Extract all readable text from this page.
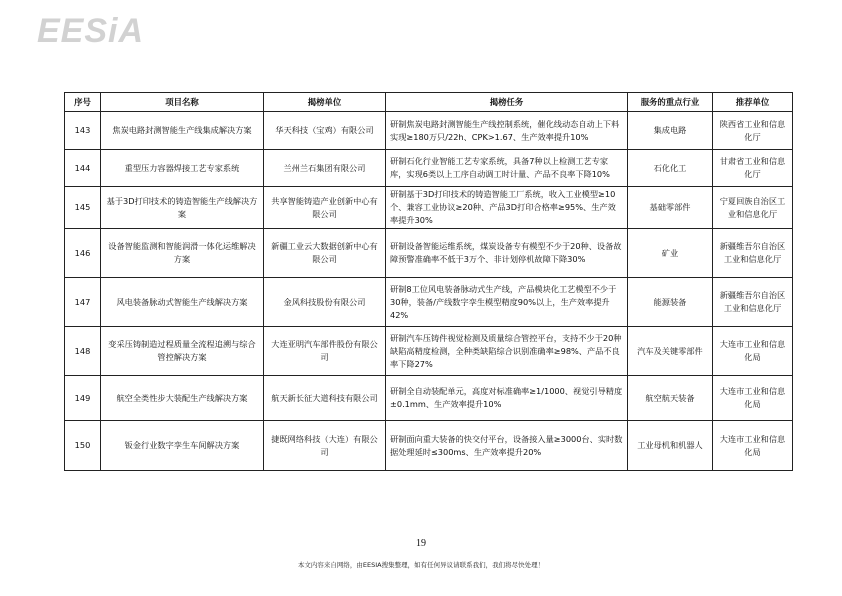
EESiA
序号	项目名称	揭榜单位	揭榜任务	服务的重点行业	推荐单位
143	焦炭电路封测智能生产线集成解决方案	华天科技（宝鸡）有限公司	研制焦炭电路封测智能生产线控制系统，催化线动态自动上下料实现≥180万只/22h、CPK>1.67、生产效率提升10%	集成电路	陕西省工业和信息化厅
144	重型压力容器焊接工艺专家系统	兰州兰石集团有限公司	研制石化行业智能工艺专家系统，具备7种以上检测工艺专家库，实现6类以上工序自动调工时计量、产品不良率下降10%	石化化工	甘肃省工业和信息化厅
145	基于3D打印技术的铸造智能生产线解决方案	共享智能铸造产业创新中心有限公司	研制基于3D打印技术的铸造智能工厂系统，收入工业模型≥10个、兼容工业协议≥20种、产品3D打印合格率≥95%、生产效率提升30%	基础零部件	宁夏回族自治区工业和信息化厅
146	设备智能监测和智能润滑一体化运维解决方案	新疆工业云大数据创新中心有限公司	研制设备智能运维系统，煤炭设备专有模型不少于20种、设备故障预警准确率不低于3万个、非计划停机故障下降30%	矿业	新疆维吾尔自治区工业和信息化厅
147	风电装备脉动式智能生产线解决方案	金风科技股份有限公司	研制8工位风电装备脉动式生产线，产品模块化工艺模型不少于30种，装备/产线数字孪生模型精度90%以上，生产效率提升42%	能源装备	新疆维吾尔自治区工业和信息化厅
148	变采压铸制造过程质量全流程追溯与综合管控解决方案	大连亚明汽车部件股份有限公司	研制汽车压铸件视觉检测及质量综合管控平台，支持不少于20种缺陷高精度检测，全种类缺陷综合识别准确率≥98%、产品不良率下降27%	汽车及关键零部件	大连市工业和信息化局
149	航空全类性步大装配生产线解决方案	航天新长征大道科技有限公司	研制全自动装配单元，高度对标准确率≥1/1000、视觉引导精度±0.1mm、生产效率提升10%	航空航天装备	大连市工业和信息化局
150	钣金行业数字孪生车间解决方案	捷既网络科技（大连）有限公司	研制面向重大装备的快交付平台，设备接入量≥3000台、实时数据处理延时≤300ms、生产效率提升20%	工业母机和机器人	大连市工业和信息化局
19
本文内容来自网络，由EESIA搜集整理，如有任何异议请联系我们，我们将尽快处理！
